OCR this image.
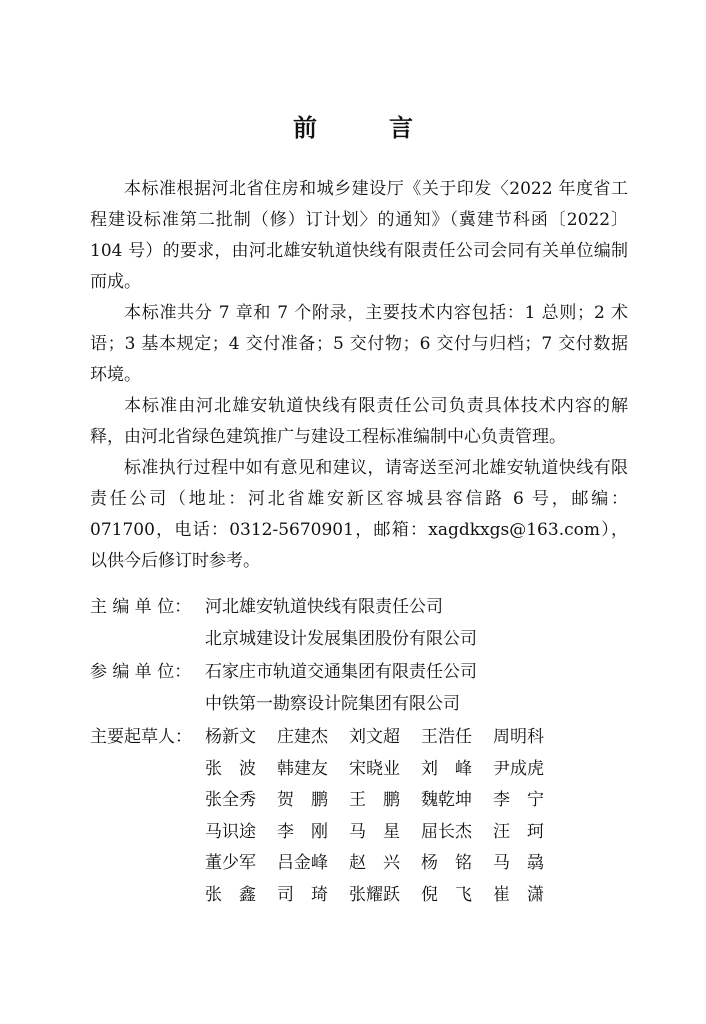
前　言

本标准根据河北省住房和城乡建设厅《关于印发〈2022 年度省工程建设标准第二批制（修）订计划〉的通知》（冀建节科函〔2022〕104 号）的要求，由河北雄安轨道快线有限责任公司会同有关单位编制而成。

本标准共分 7 章和 7 个附录，主要技术内容包括：1 总则；2 术语；3 基本规定；4 交付准备；5 交付物；6 交付与归档；7 交付数据环境。

本标准由河北雄安轨道快线有限责任公司负责具体技术内容的解释，由河北省绿色建筑推广与建设工程标准编制中心负责管理。

标准执行过程中如有意见和建议，请寄送至河北雄安轨道快线有限责任公司（地址：河北省雄安新区容城县容信路 6 号，邮编：071700，电话：0312-5670901，邮箱：xagdkxgs@163.com），以供今后修订时参考。

主 编 单 位： 河北雄安轨道快线有限责任公司
北京城建设计发展集团股份有限公司
参 编 单 位： 石家庄市轨道交通集团有限责任公司
中铁第一勘察设计院集团有限公司
主要起草人： 杨新文	庄建杰	刘文超	王浩任	周明科
张　波	韩建友	宋晓业	刘　峰	尹成虎
张全秀	贺　鹏	王　鹏	魏乾坤	李　宁
马识途	李　刚	马　星	屈长杰	汪　珂
董少军	吕金峰	赵　兴	杨　铭	马　骉
张　鑫	司　琦	张耀跃	倪　飞	崔　潇
